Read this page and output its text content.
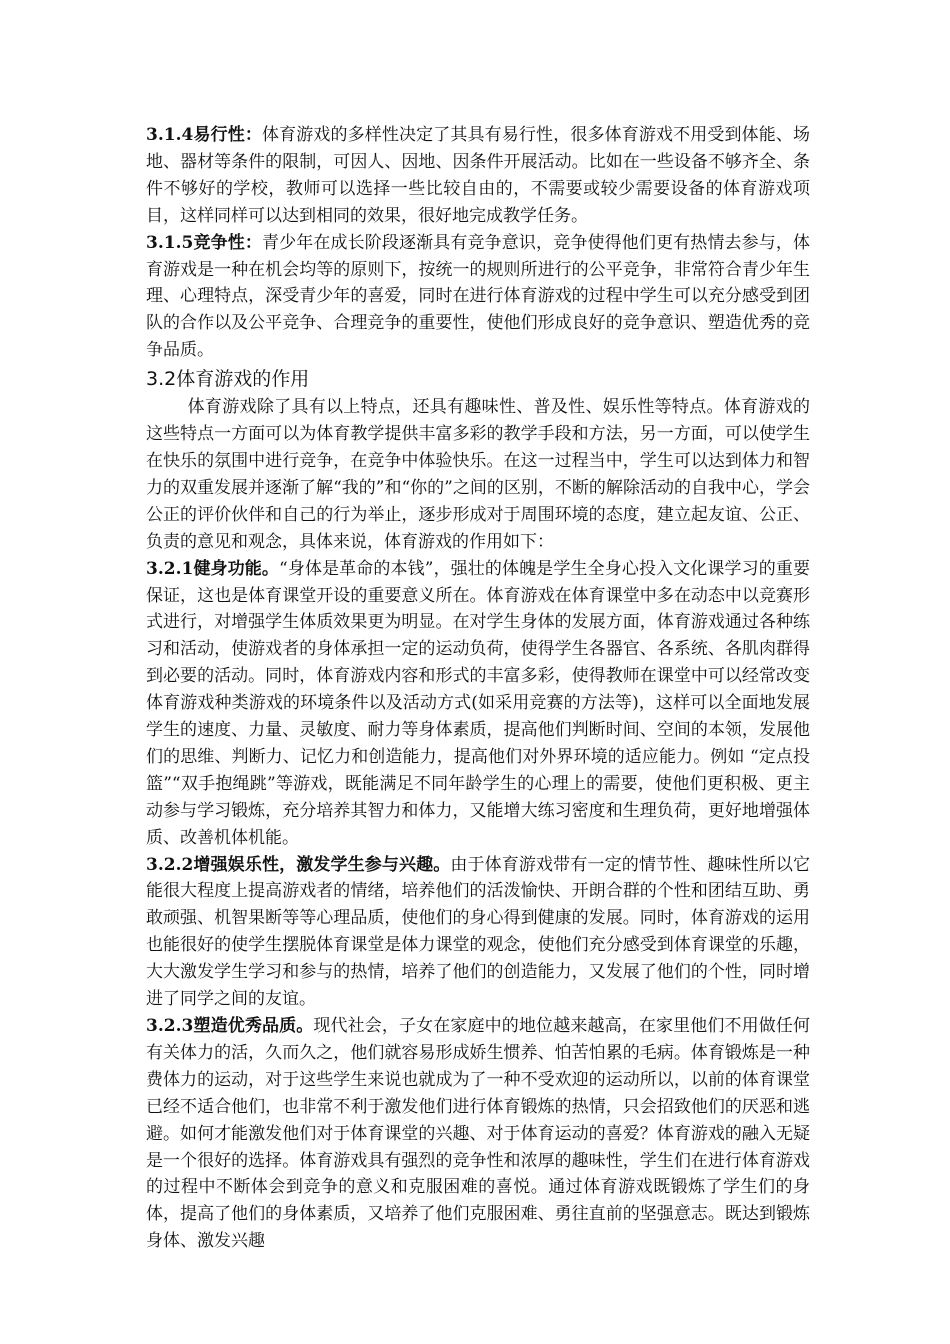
3.1.4易行性：体育游戏的多样性决定了其具有易行性，很多体育游戏不用受到体能、场地、器材等条件的限制，可因人、因地、因条件开展活动。比如在一些设备不够齐全、条件不够好的学校，教师可以选择一些比较自由的，不需要或较少需要设备的体育游戏项目，这样同样可以达到相同的效果，很好地完成教学任务。

3.1.5竞争性：青少年在成长阶段逐渐具有竞争意识，竞争使得他们更有热情去参与，体育游戏是一种在机会均等的原则下，按统一的规则所进行的公平竞争，非常符合青少年生理、心理特点，深受青少年的喜爱，同时在进行体育游戏的过程中学生可以充分感受到团队的合作以及公平竞争、合理竞争的重要性，使他们形成良好的竞争意识、塑造优秀的竞争品质。

3.2体育游戏的作用

体育游戏除了具有以上特点，还具有趣味性、普及性、娱乐性等特点。体育游戏的这些特点一方面可以为体育教学提供丰富多彩的教学手段和方法，另一方面，可以使学生在快乐的氛围中进行竞争，在竞争中体验快乐。在这一过程当中，学生可以达到体力和智力的双重发展并逐渐了解“我的”和“你的”之间的区别，不断的解除活动的自我中心，学会公正的评价伙伴和自己的行为举止，逐步形成对于周围环境的态度，建立起友谊、公正、负责的意见和观念，具体来说，体育游戏的作用如下：

3.2.1健身功能。“身体是革命的本钱”，强壮的体魄是学生全身心投入文化课学习的重要保证，这也是体育课堂开设的重要意义所在。体育游戏在体育课堂中多在动态中以竞赛形式进行，对增强学生体质效果更为明显。在对学生身体的发展方面，体育游戏通过各种练习和活动，使游戏者的身体承担一定的运动负荷，使得学生各器官、各系统、各肌肉群得到必要的活动。同时，体育游戏内容和形式的丰富多彩，使得教师在课堂中可以经常改变体育游戏种类游戏的环境条件以及活动方式(如采用竞赛的方法等)，这样可以全面地发展学生的速度、力量、灵敏度、耐力等身体素质，提高他们判断时间、空间的本领，发展他们的思维、判断力、记忆力和创造能力，提高他们对外界环境的适应能力。例如 “定点投篮”“双手抱绳跳”等游戏，既能满足不同年龄学生的心理上的需要，使他们更积极、更主动参与学习锻炼，充分培养其智力和体力，又能增大练习密度和生理负荷，更好地增强体质、改善机体机能。

3.2.2增强娱乐性，激发学生参与兴趣。由于体育游戏带有一定的情节性、趣味性所以它能很大程度上提高游戏者的情绪，培养他们的活泼愉快、开朗合群的个性和团结互助、勇敢顽强、机智果断等等心理品质，使他们的身心得到健康的发展。同时，体育游戏的运用也能很好的使学生摆脱体育课堂是体力课堂的观念，使他们充分感受到体育课堂的乐趣，大大激发学生学习和参与的热情，培养了他们的创造能力，又发展了他们的个性，同时增进了同学之间的友谊。

3.2.3塑造优秀品质。现代社会，子女在家庭中的地位越来越高，在家里他们不用做任何有关体力的活，久而久之，他们就容易形成娇生惯养、怕苦怕累的毛病。体育锻炼是一种费体力的运动，对于这些学生来说也就成为了一种不受欢迎的运动所以，以前的体育课堂已经不适合他们，也非常不利于激发他们进行体育锻炼的热情，只会招致他们的厌恶和逃避。如何才能激发他们对于体育课堂的兴趣、对于体育运动的喜爱？体育游戏的融入无疑是一个很好的选择。体育游戏具有强烈的竞争性和浓厚的趣味性，学生们在进行体育游戏的过程中不断体会到竞争的意义和克服困难的喜悦。通过体育游戏既锻炼了学生们的身体，提高了他们的身体素质，又培养了他们克服困难、勇往直前的坚强意志。既达到锻炼身体、激发兴趣
